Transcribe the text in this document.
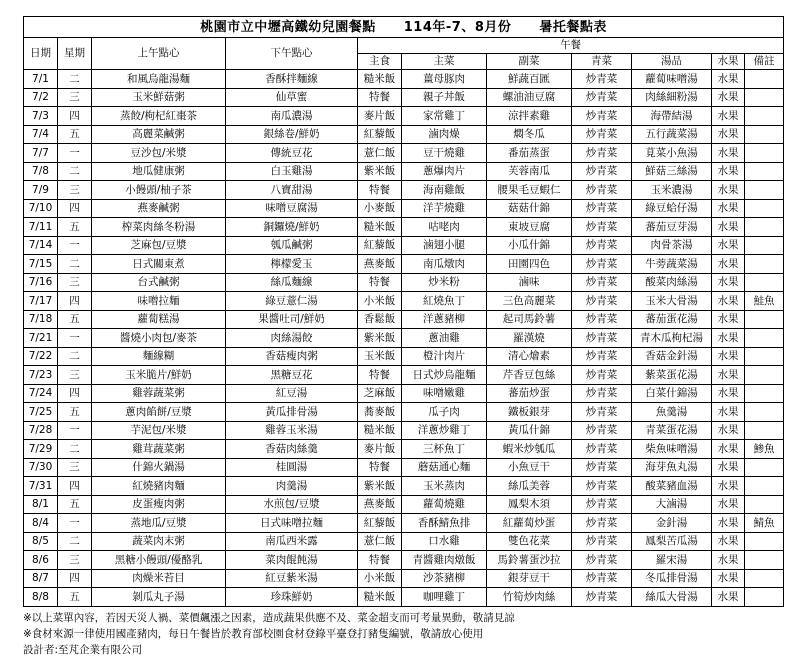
桃園市立中壢高鐵幼兒園餐點 114年-7、8月份 暑托餐點表										
日期	星期	上午點心	下午點心	午餐						
				主食	主菜	副菜	青菜	湯品	水果	備註
7/1	二	和風烏龍湯麵	香酥拌麵線	糙米飯	薑母豚肉	鮮蔬百匯	炒青菜	蘿蔔味噌湯	水果	
7/2	三	玉米鮮菇粥	仙草蜜	特餐	親子丼飯	螺油油豆腐	炒青菜	肉絲細粉湯	水果	
7/3	四	蒸餃/枸杞紅棗茶	南瓜濃湯	麥片飯	家常雞丁	涼拌素雞	炒青菜	海帶結湯	水果	
7/4	五	高麗菜鹹粥	銀絲卷/鮮奶	紅藜飯	滷肉燥	燜冬瓜	炒青菜	五行蔬菜湯	水果	
7/7	一	豆沙包/米漿	傳統豆花	薏仁飯	豆干燒雞	番茄蒸蛋	炒青菜	莧菜小魚湯	水果	
7/8	二	地瓜健康粥	白玉雞湯	紫米飯	蔥爆肉片	芙蓉南瓜	炒青菜	鮮菇三絲湯	水果	
7/9	三	小饅頭/柚子茶	八寶甜湯	特餐	海南雞飯	腰果毛豆蝦仁	炒青菜	玉米濃湯	水果	
7/10	四	燕麥鹹粥	味噌豆腐湯	小麥飯	洋芋燒雞	菇菇什錦	炒青菜	綠豆蛤仔湯	水果	
7/11	五	榨菜肉絲冬粉湯	銅鑼燒/鮮奶	糙米飯	咕咾肉	東坡豆腐	炒青菜	蕃茄豆芽湯	水果	
7/14	一	芝麻包/豆漿	瓠瓜鹹粥	紅藜飯	滷翅小腿	小瓜什錦	炒青菜	肉骨茶湯	水果	
7/15	二	日式關東煮	檸檬愛玉	燕麥飯	南瓜燉肉	田園四色	炒青菜	牛蒡蔬菜湯	水果	
7/16	三	台式鹹粥	絲瓜麵線	特餐	炒米粉	滷味	炒青菜	酸菜肉絲湯	水果	
7/17	四	味噌拉麵	綠豆薏仁湯	小米飯	紅燒魚丁	三色高麗菜	炒青菜	玉米大骨湯	水果	鮭魚
7/18	五	蘿蔔糕湯	果醬吐司/鮮奶	香鬆飯	洋蔥豬柳	起司馬鈴薯	炒青菜	蕃茄蛋花湯	水果	
7/21	一	醬燒小肉包/麥茶	肉絲湯餃	紫米飯	蔥油雞	羅漢燒	炒青菜	青木瓜枸杞湯	水果	
7/22	二	麵線糊	香菇瘦肉粥	玉米飯	橙汁肉片	清心燴素	炒青菜	香菇金針湯	水果	
7/23	三	玉米脆片/鮮奶	黑糖豆花	特餐	日式炒烏龍麵	芹香豆包絲	炒青菜	紫菜蛋花湯	水果	
7/24	四	雞蓉蔬菜粥	紅豆湯	芝麻飯	味噌嫩雞	蕃茄炒蛋	炒青菜	白菜什錦湯	水果	
7/25	五	蔥肉餡餅/豆漿	黃瓜排骨湯	蕎麥飯	瓜子肉	鐵板銀芽	炒青菜	魚羹湯	水果	
7/28	一	芋泥包/米漿	雞蓉玉米湯	糙米飯	洋蔥炒雞丁	黃瓜什錦	炒青菜	青菜蛋花湯	水果	
7/29	二	雞茸蔬菜粥	香菇肉絲羹	麥片飯	三杯魚丁	蝦米炒瓠瓜	炒青菜	柴魚味噌湯	水果	鯵魚
7/30	三	什錦火鍋湯	桂圓湯	特餐	蘑菇通心麵	小魚豆干	炒青菜	海芽魚丸湯	水果	
7/31	四	紅燒豬肉麵	肉羹湯	紫米飯	玉米蒸肉	絲瓜美蓉	炒青菜	酸菜豬血湯	水果	
8/1	五	皮蛋瘦肉粥	水煎包/豆漿	燕麥飯	蘿蔔燒雞	鳳梨木須	炒青菜	大滷湯	水果	
8/4	一	蒸地瓜/豆漿	日式味噌拉麵	紅藜飯	香酥鯖魚排	紅蘿蔔炒蛋	炒青菜	金針湯	水果	鯖魚
8/5	二	蔬菜肉末粥	南瓜西米露	薏仁飯	口水雞	雙色花菜	炒青菜	鳳梨苦瓜湯	水果	
8/6	三	黑糖小饅頭/優酪乳	菜肉餛飩湯	特餐	青醬雞肉燉飯	馬鈴薯蛋沙拉	炒青菜	羅宋湯	水果	
8/7	四	肉燥米苔目	紅豆紫米湯	小米飯	沙茶豬柳	銀芽豆干	炒青菜	冬瓜排骨湯	水果	
8/8	五	剝瓜丸子湯	珍珠鮮奶	糙米飯	咖哩雞丁	竹筍炒肉絲	炒青菜	絲瓜大骨湯	水果	
※以上菜單內容，若因天災人禍、菜價飆漲之因素，造成蔬果供應不及、菜金超支而可考量異動，敬請見諒
※食材來源一律使用國產豬肉，每日午餐皆於教育部校園食材登錄平臺登打豬隻編號，敬請放心使用
設計者:至芃企業有限公司
